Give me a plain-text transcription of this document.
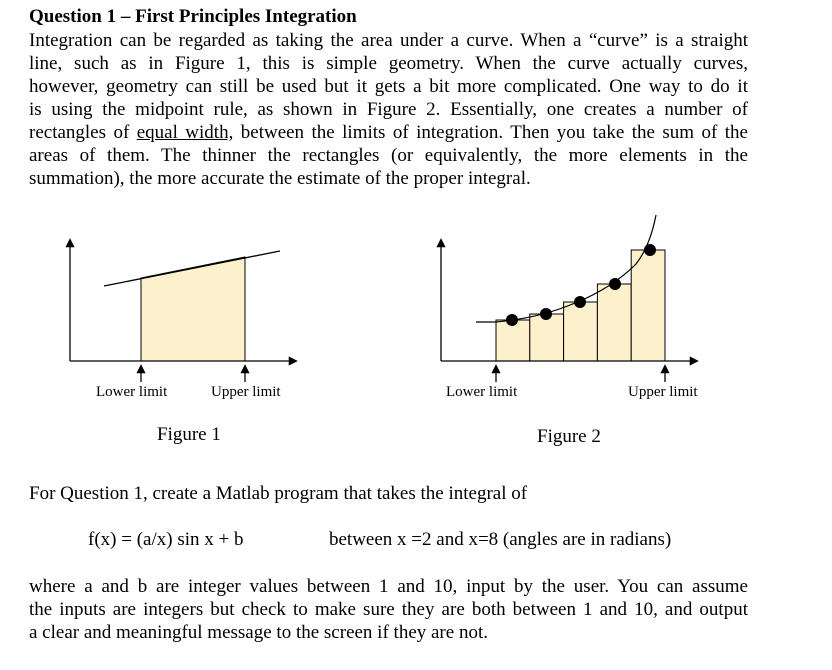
Question 1 – First Principles Integration
Integration can be regarded as taking the area under a curve. When a “curve” is a straight
line, such as in Figure 1, this is simple geometry. When the curve actually curves,
however, geometry can still be used but it gets a bit more complicated. One way to do it
is using the midpoint rule, as shown in Figure 2. Essentially, one creates a number of
rectangles of equal width, between the limits of integration. Then you take the sum of the
areas of them. The thinner the rectangles (or equivalently, the more elements in the
summation), the more accurate the estimate of the proper integral.
Lower limit	Upper limit
Figure 1
Lower limit	Upper limit
Figure 2
For Question 1, create a Matlab program that takes the integral of
f(x) = (a/x) sin x + b	between x =2 and x=8 (angles are in radians)
where a and b are integer values between 1 and 10, input by the user. You can assume
the inputs are integers but check to make sure they are both between 1 and 10, and output
a clear and meaningful message to the screen if they are not.
